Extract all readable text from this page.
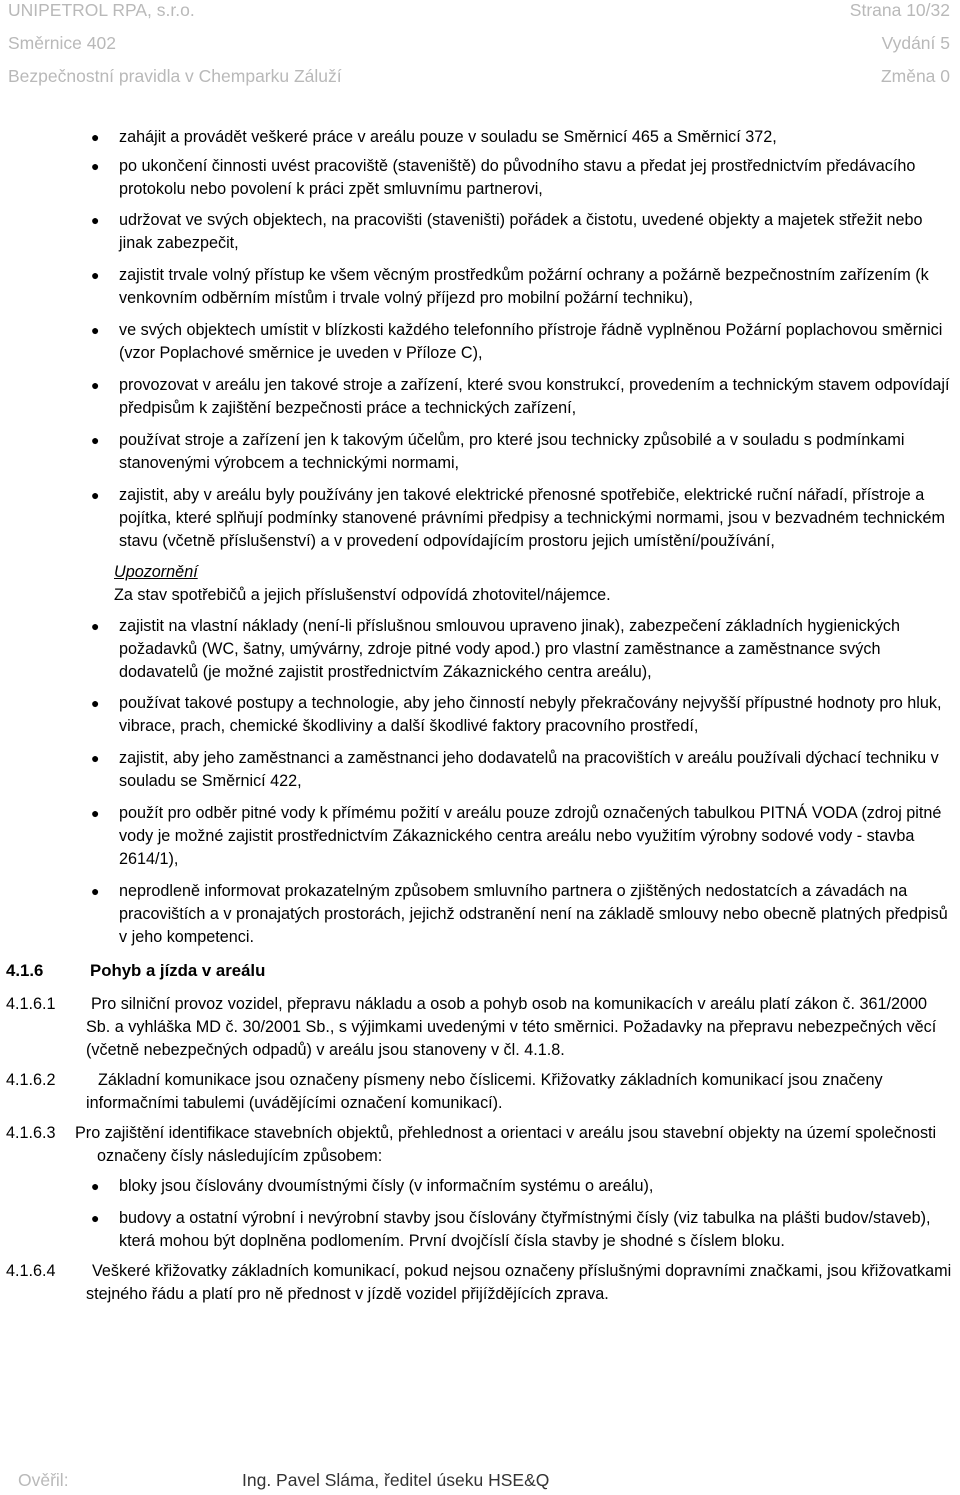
UNIPETROL RPA, s.r.o.	Strana 10/32
Směrnice 402	Vydání 5
Bezpečnostní pravidla v Chemparku Záluží	Změna 0
● zahájit a provádět veškeré práce v areálu pouze v souladu se Směrnicí 465 a Směrnicí 372,
● po ukončení činnosti uvést pracoviště (staveniště) do původního stavu a předat jej prostřednictvím předávacího protokolu nebo povolení k práci zpět smluvnímu partnerovi,
● udržovat ve svých objektech, na pracovišti (staveništi) pořádek a čistotu, uvedené objekty a majetek střežit nebo jinak zabezpečit,
● zajistit trvale volný přístup ke všem věcným prostředkům požární ochrany a požárně bezpečnostním zařízením (k venkovním odběrním místům i trvale volný příjezd pro mobilní požární techniku),
● ve svých objektech umístit v blízkosti každého telefonního přístroje řádně vyplněnou Požární poplachovou směrnici (vzor Poplachové směrnice je uveden v Příloze C),
● provozovat v areálu jen takové stroje a zařízení, které svou konstrukcí, provedením a technickým stavem odpovídají předpisům k zajištění bezpečnosti práce a technických zařízení,
● používat stroje a zařízení jen k takovým účelům, pro které jsou technicky způsobilé a v souladu s podmínkami stanovenými výrobcem a technickými normami,
● zajistit, aby v areálu byly používány jen takové elektrické přenosné spotřebiče, elektrické ruční nářadí, přístroje a pojítka, které splňují podmínky stanovené právními předpisy a technickými normami, jsou v bezvadném technickém stavu (včetně příslušenství) a v provedení odpovídajícím prostoru jejich umístění/používání,
Upozornění
Za stav spotřebičů a jejich příslušenství odpovídá zhotovitel/nájemce.
● zajistit na vlastní náklady (není-li příslušnou smlouvou upraveno jinak), zabezpečení základních hygienických požadavků (WC, šatny, umývárny, zdroje pitné vody apod.) pro vlastní zaměstnance a zaměstnance svých dodavatelů (je možné zajistit prostřednictvím Zákaznického centra areálu),
● používat takové postupy a technologie, aby jeho činností nebyly překračovány nejvyšší přípustné hodnoty pro hluk, vibrace, prach, chemické škodliviny a další škodlivé faktory pracovního prostředí,
● zajistit, aby jeho zaměstnanci a zaměstnanci jeho dodavatelů na pracovištích v areálu používali dýchací techniku v souladu se Směrnicí 422,
● použít pro odběr pitné vody k přímému požití v areálu pouze zdrojů označených tabulkou PITNÁ VODA (zdroj pitné vody je možné zajistit prostřednictvím Zákaznického centra areálu nebo využitím výrobny sodové vody - stavba 2614/1),
● neprodleně informovat prokazatelným způsobem smluvního partnera o zjištěných nedostatcích a závadách na pracovištích a v pronajatých prostorách, jejichž odstranění není na základě smlouvy nebo obecně platných předpisů v jeho kompetenci.
4.1.6	Pohyb a jízda v areálu
4.1.6.1 Pro silniční provoz vozidel, přepravu nákladu a osob a pohyb osob na komunikacích v areálu platí zákon č. 361/2000 Sb. a vyhláška MD č. 30/2001 Sb., s výjimkami uvedenými v této směrnici. Požadavky na přepravu nebezpečných věcí (včetně nebezpečných odpadů) v areálu jsou stanoveny v čl. 4.1.8.
4.1.6.2	Základní komunikace jsou označeny písmeny nebo číslicemi. Křižovatky základních komunikací jsou značeny informačními tabulemi (uvádějícími označení komunikací).
4.1.6.3 Pro zajištění identifikace stavebních objektů, přehlednost a orientaci v areálu jsou stavební objekty na území společnosti označeny čísly následujícím způsobem:
● bloky jsou číslovány dvoumístnými čísly (v informačním systému o areálu),
● budovy a ostatní výrobní i nevýrobní stavby jsou číslovány čtyřmístnými čísly (viz tabulka na plášti budov/staveb), která mohou být doplněna podlomením. První dvojčíslí čísla stavby je shodné s číslem bloku.
4.1.6.4 Veškeré křižovatky základních komunikací, pokud nejsou označeny příslušnými dopravními značkami, jsou křižovatkami stejného řádu a platí pro ně přednost v jízdě vozidel přijíždějících zprava.
Ověřil:	Ing. Pavel Sláma, ředitel úseku HSE&Q
